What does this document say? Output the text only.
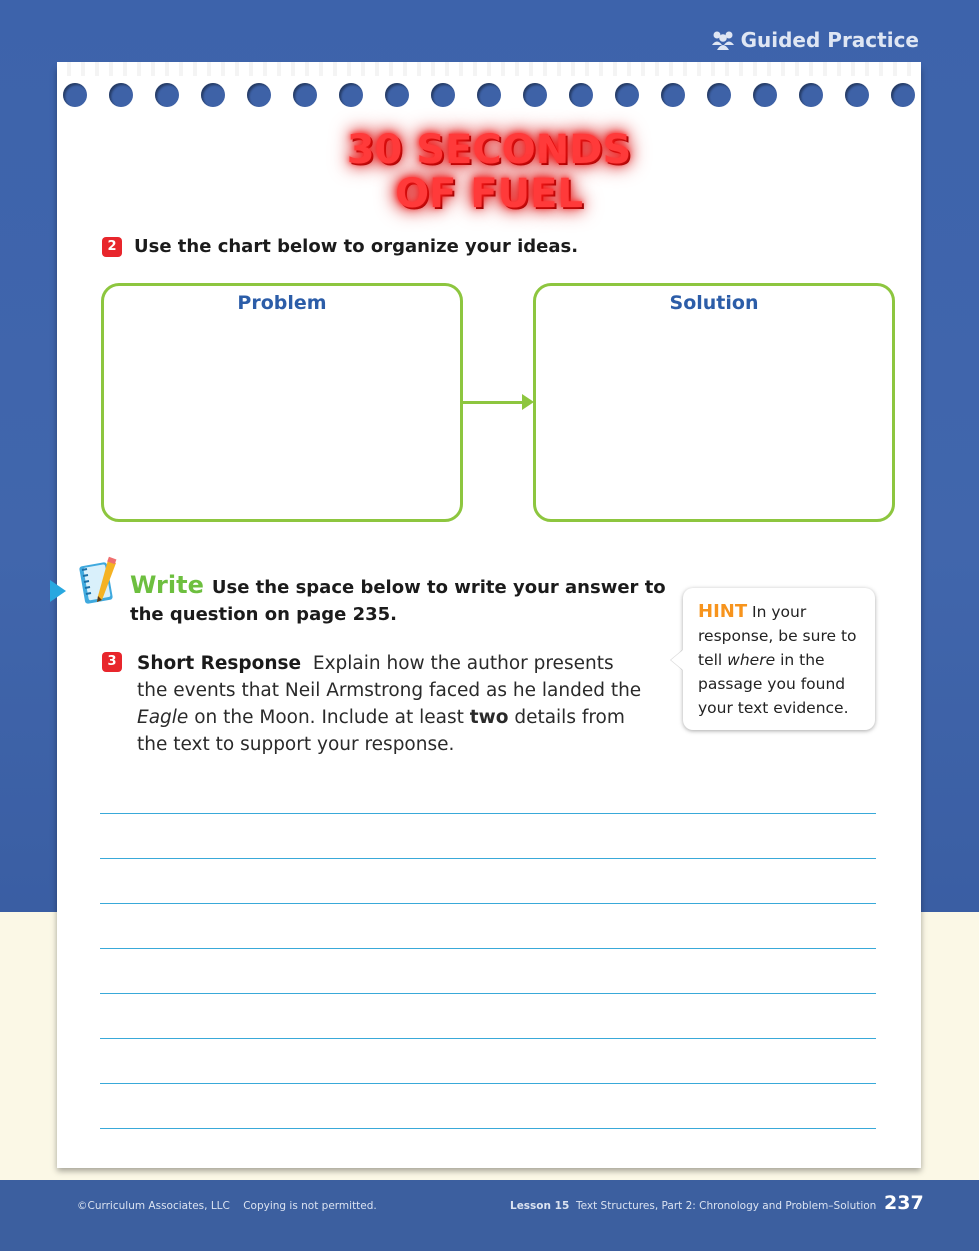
Guided Practice
30 SECONDS
OF FUEL
2 Use the chart below to organize your ideas.
Problem	Solution
Write Use the space below to write your answer to the question on page 235.	HINT In your response, be sure to tell where in the passage you found your text evidence.
3 Short Response Explain how the author presents the events that Neil Armstrong faced as he landed the Eagle on the Moon. Include at least two details from the text to support your response.
©Curriculum Associates, LLC    Copying is not permitted.	Lesson 15 Text Structures, Part 2: Chronology and Problem–Solution 237
